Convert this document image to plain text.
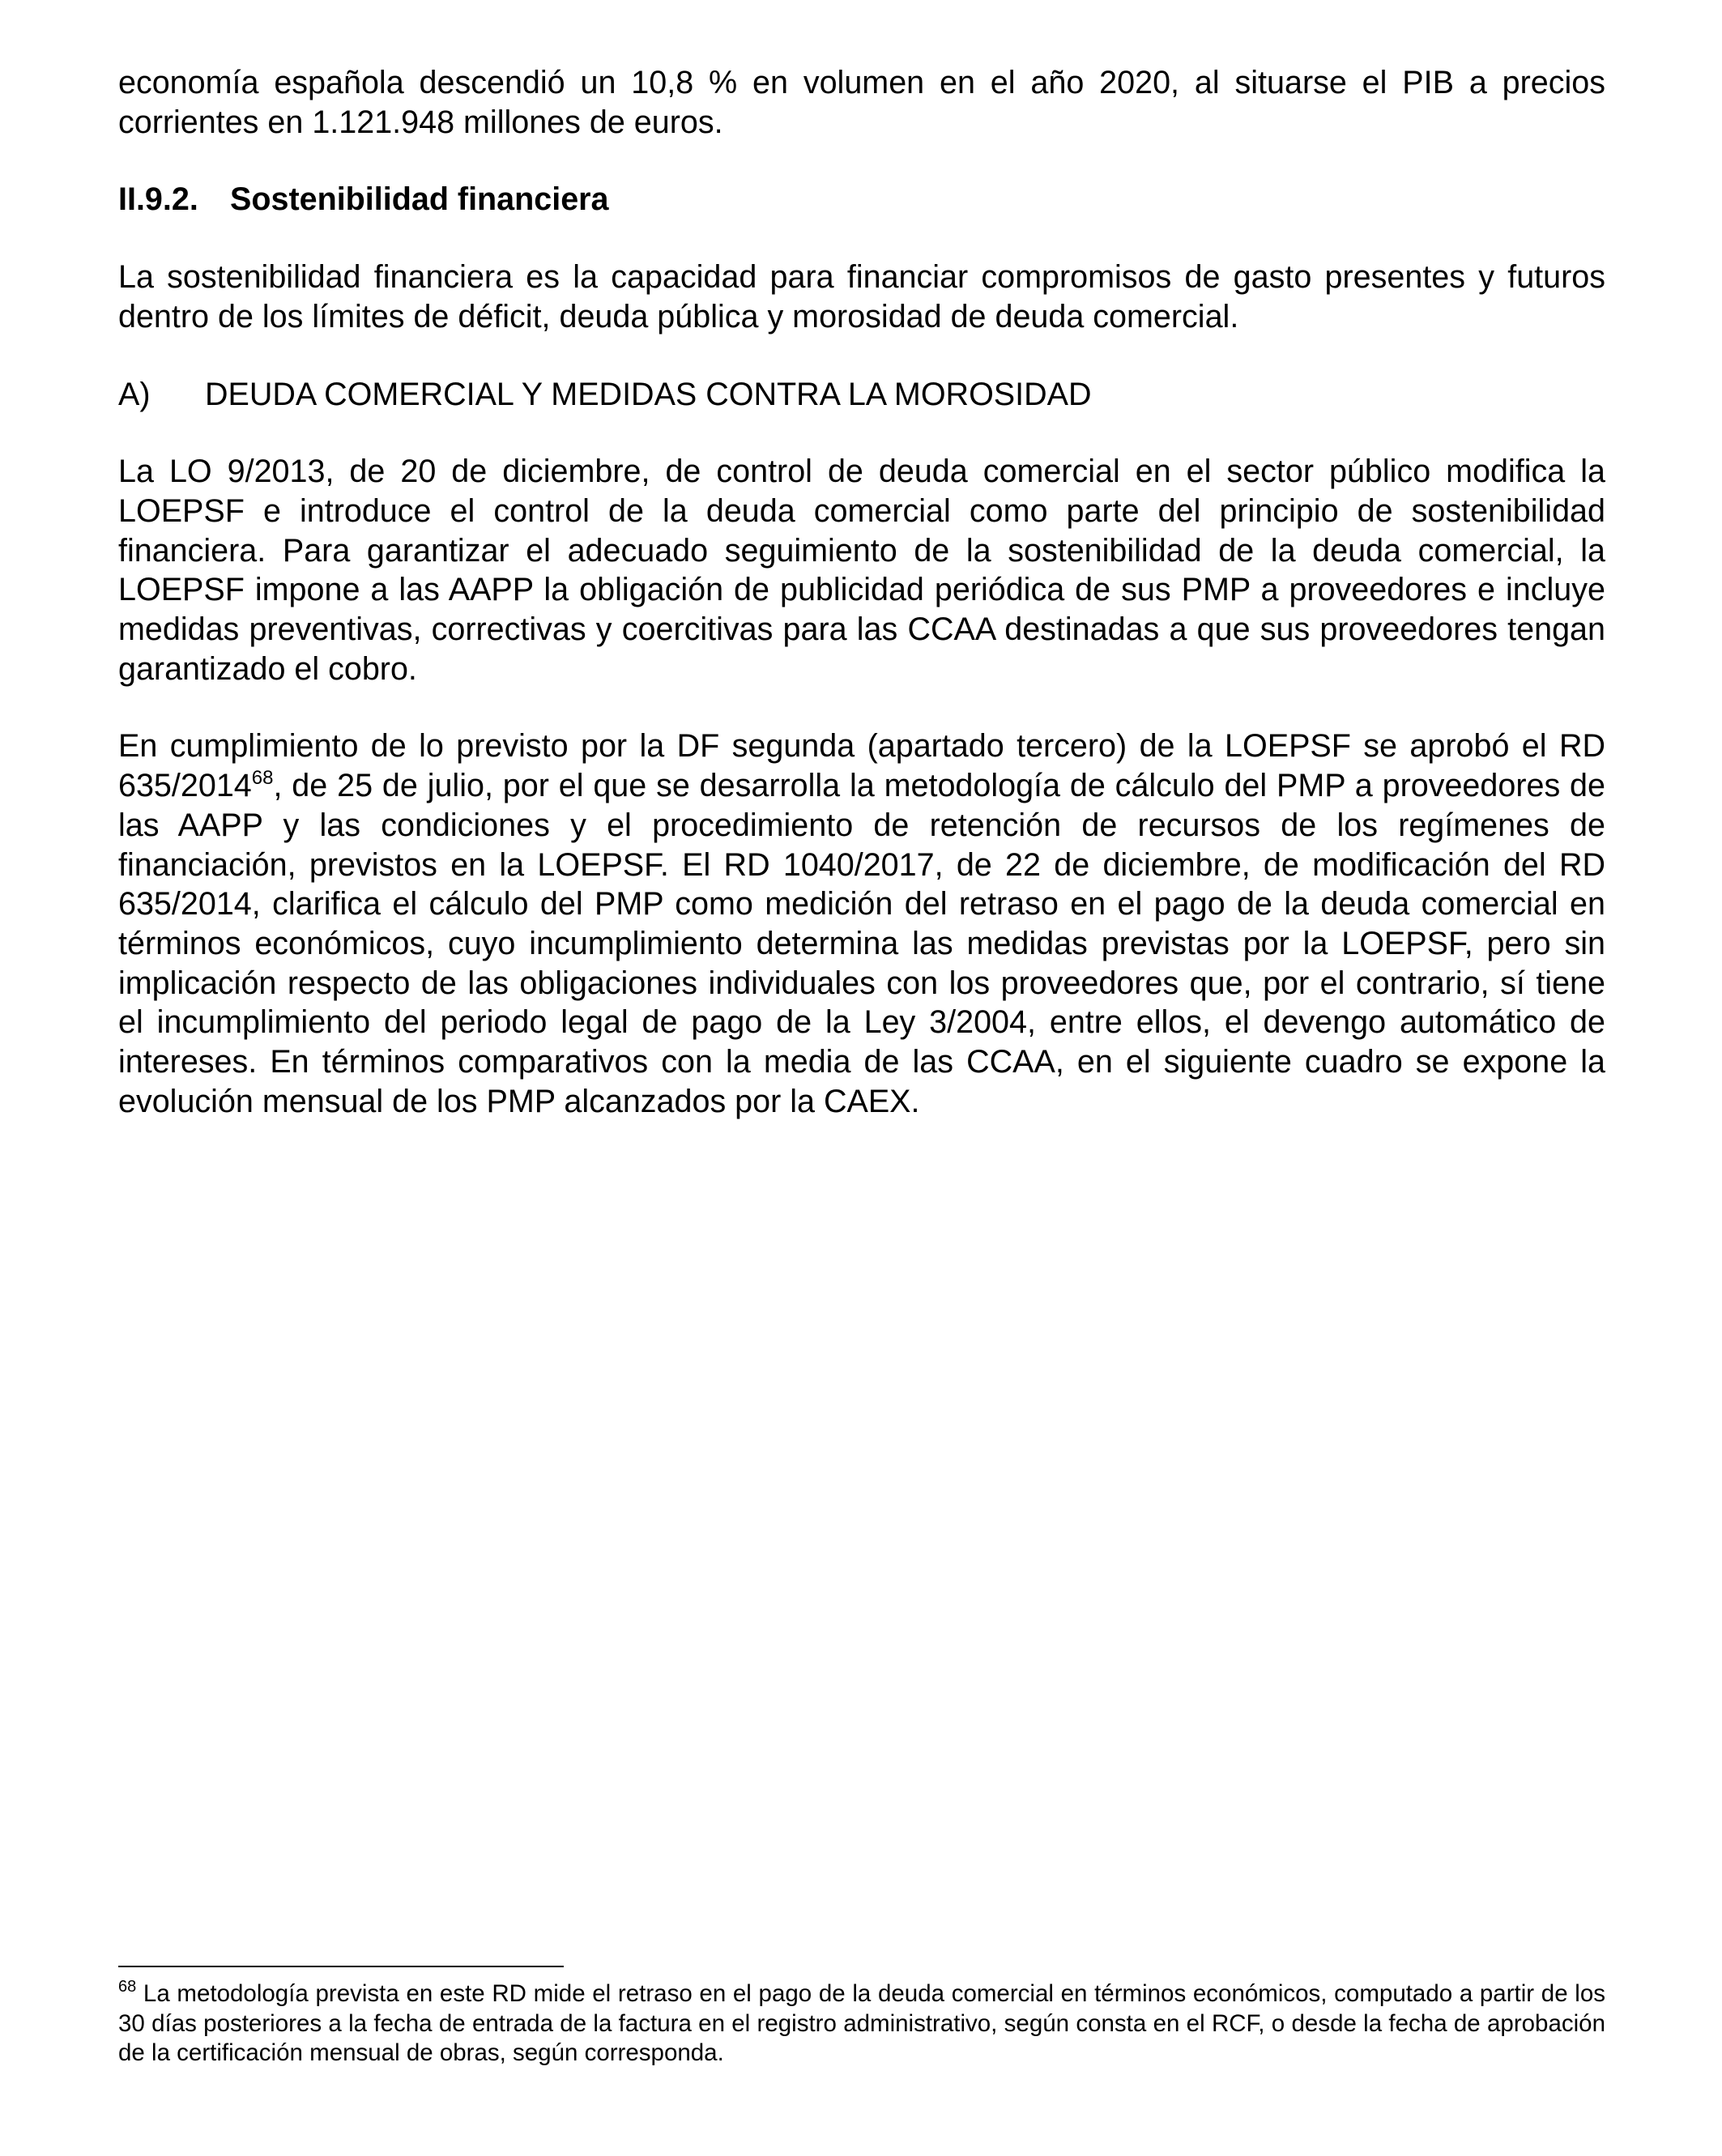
economía española descendió un 10,8 % en volumen en el año 2020, al situarse el PIB a precios corrientes en 1.121.948 millones de euros.

II.9.2. Sostenibilidad financiera

La sostenibilidad financiera es la capacidad para financiar compromisos de gasto presentes y futuros dentro de los límites de déficit, deuda pública y morosidad de deuda comercial.

A) DEUDA COMERCIAL Y MEDIDAS CONTRA LA MOROSIDAD

La LO 9/2013, de 20 de diciembre, de control de deuda comercial en el sector público modifica la LOEPSF e introduce el control de la deuda comercial como parte del principio de sostenibilidad financiera. Para garantizar el adecuado seguimiento de la sostenibilidad de la deuda comercial, la LOEPSF impone a las AAPP la obligación de publicidad periódica de sus PMP a proveedores e incluye medidas preventivas, correctivas y coercitivas para las CCAA destinadas a que sus proveedores tengan garantizado el cobro.

En cumplimiento de lo previsto por la DF segunda (apartado tercero) de la LOEPSF se aprobó el RD 635/2014$^{68}$, de 25 de julio, por el que se desarrolla la metodología de cálculo del PMP a proveedores de las AAPP y las condiciones y el procedimiento de retención de recursos de los regímenes de financiación, previstos en la LOEPSF. El RD 1040/2017, de 22 de diciembre, de modificación del RD 635/2014, clarifica el cálculo del PMP como medición del retraso en el pago de la deuda comercial en términos económicos, cuyo incumplimiento determina las medidas previstas por la LOEPSF, pero sin implicación respecto de las obligaciones individuales con los proveedores que, por el contrario, sí tiene el incumplimiento del periodo legal de pago de la Ley 3/2004, entre ellos, el devengo automático de intereses. En términos comparativos con la media de las CCAA, en el siguiente cuadro se expone la evolución mensual de los PMP alcanzados por la CAEX.

$^{68}$ La metodología prevista en este RD mide el retraso en el pago de la deuda comercial en términos económicos, computado a partir de los 30 días posteriores a la fecha de entrada de la factura en el registro administrativo, según consta en el RCF, o desde la fecha de aprobación de la certificación mensual de obras, según corresponda.
